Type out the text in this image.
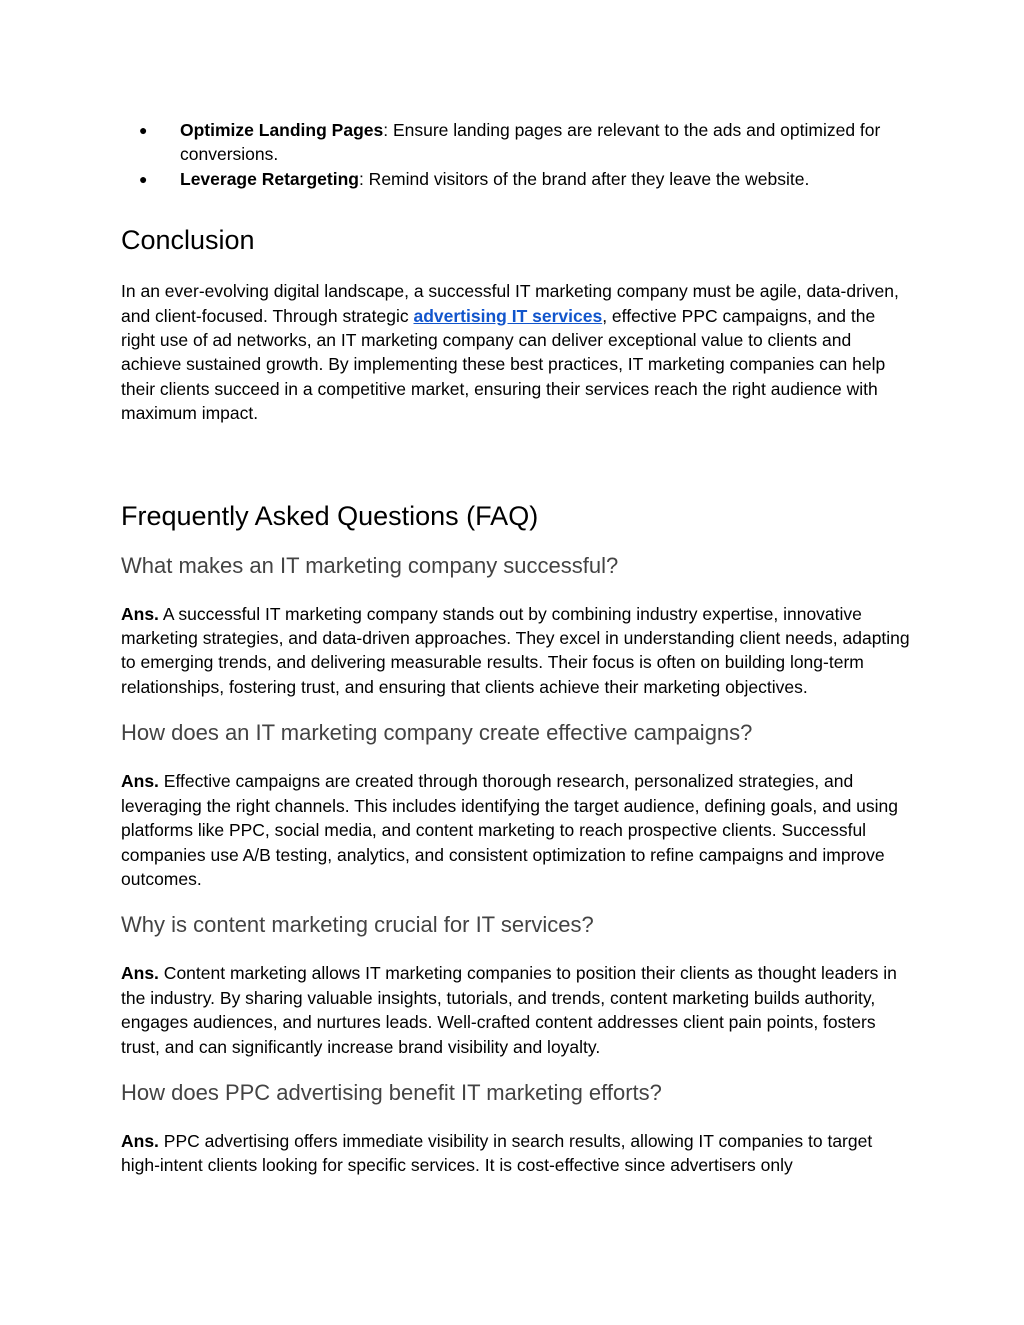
● Optimize Landing Pages: Ensure landing pages are relevant to the ads and optimized for conversions.
● Leverage Retargeting: Remind visitors of the brand after they leave the website.
Conclusion

In an ever-evolving digital landscape, a successful IT marketing company must be agile, data-driven, and client-focused. Through strategic advertising IT services, effective PPC campaigns, and the right use of ad networks, an IT marketing company can deliver exceptional value to clients and achieve sustained growth. By implementing these best practices, IT marketing companies can help their clients succeed in a competitive market, ensuring their services reach the right audience with maximum impact.

Frequently Asked Questions (FAQ)
What makes an IT marketing company successful?

Ans. A successful IT marketing company stands out by combining industry expertise, innovative marketing strategies, and data-driven approaches. They excel in understanding client needs, adapting to emerging trends, and delivering measurable results. Their focus is often on building long-term relationships, fostering trust, and ensuring that clients achieve their marketing objectives.

How does an IT marketing company create effective campaigns?

Ans. Effective campaigns are created through thorough research, personalized strategies, and leveraging the right channels. This includes identifying the target audience, defining goals, and using platforms like PPC, social media, and content marketing to reach prospective clients. Successful companies use A/B testing, analytics, and consistent optimization to refine campaigns and improve outcomes.

Why is content marketing crucial for IT services?

Ans. Content marketing allows IT marketing companies to position their clients as thought leaders in the industry. By sharing valuable insights, tutorials, and trends, content marketing builds authority, engages audiences, and nurtures leads. Well-crafted content addresses client pain points, fosters trust, and can significantly increase brand visibility and loyalty.

How does PPC advertising benefit IT marketing efforts?

Ans. PPC advertising offers immediate visibility in search results, allowing IT companies to target high-intent clients looking for specific services. It is cost-effective since advertisers only
